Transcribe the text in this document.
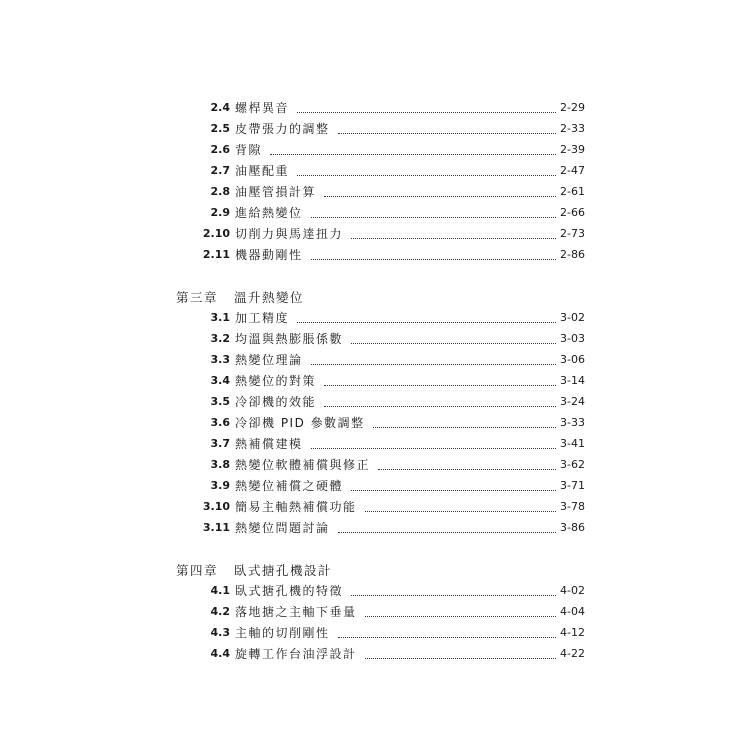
2.4 螺桿異音	2-29
2.5 皮帶張力的調整	2-33
2.6 背隙	2-39
2.7 油壓配重	2-47
2.8 油壓管損計算	2-61
2.9 進給熱變位	2-66
2.10 切削力與馬達扭力	2-73
2.11 機器動剛性	2-86
第三章	溫升熱變位
3.1 加工精度	3-02
3.2 均溫與熱膨脹係數	3-03
3.3 熱變位理論	3-06
3.4 熱變位的對策	3-14
3.5 冷卻機的效能	3-24
3.6 冷卻機 PID 參數調整	3-33
3.7 熱補償建模	3-41
3.8 熱變位軟體補償與修正	3-62
3.9 熱變位補償之硬體	3-71
3.10 簡易主軸熱補償功能	3-78
3.11 熱變位問題討論	3-86
第四章	臥式搪孔機設計
4.1 臥式搪孔機的特徵	4-02
4.2 落地搪之主軸下垂量	4-04
4.3 主軸的切削剛性	4-12
4.4 旋轉工作台油浮設計	4-22
